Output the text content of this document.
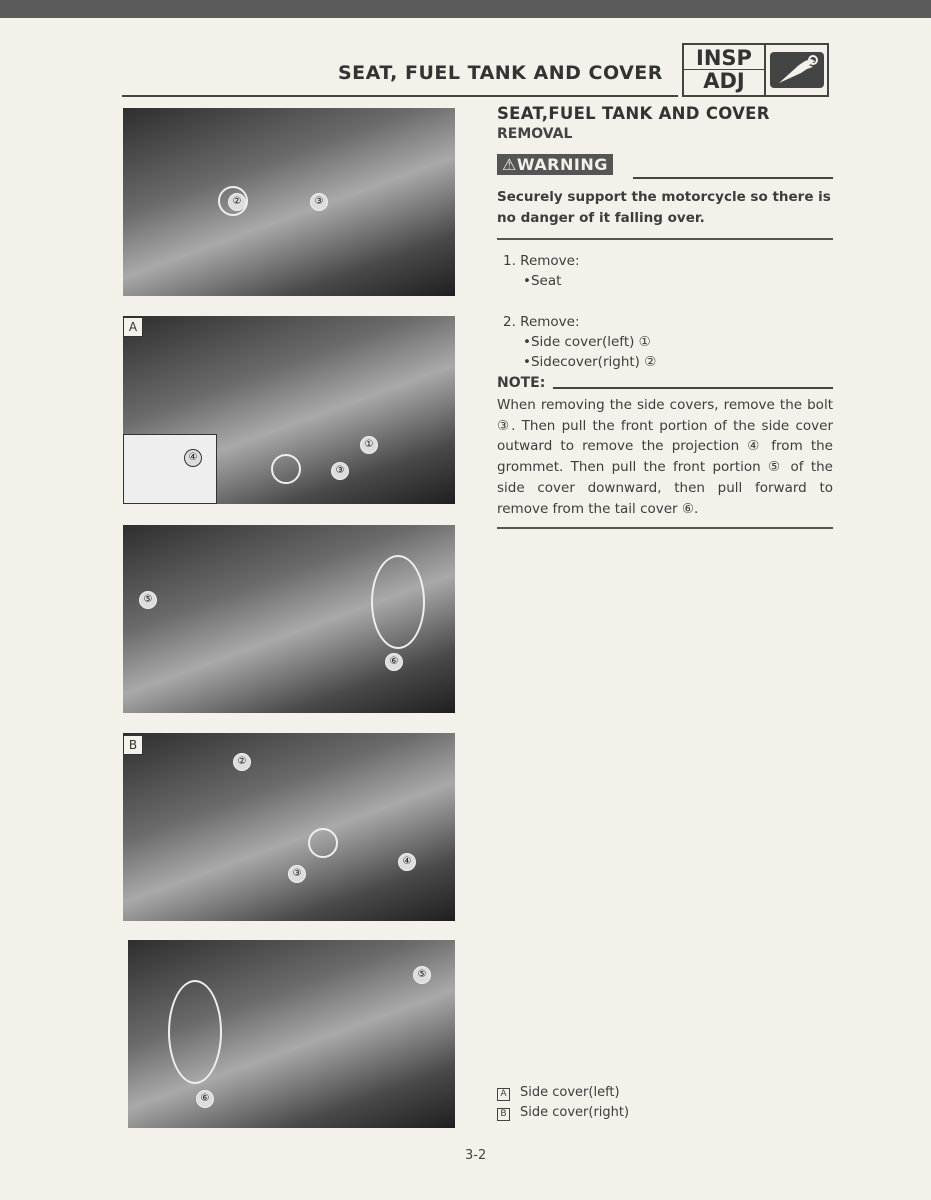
SEAT, FUEL TANK AND COVER
INSP
ADJ
②	③
①
③
④
A
⑤
⑥
②
③
④
B
⑤
⑥
SEAT,FUEL TANK AND COVER
REMOVAL
⚠WARNING
Securely support the motorcycle so there is no danger of it falling over.
1. Remove:
•Seat
2. Remove:
•Side cover(left) ①
•Sidecover(right) ②
NOTE:
When removing the side covers, remove the bolt ③. Then pull the front portion of the side cover outward to remove the projection ④ from the grommet. Then pull the front portion ⑤ of the side cover downward, then pull forward to remove from the tail cover ⑥.
A Side cover(left)
B Side cover(right)
3-2
